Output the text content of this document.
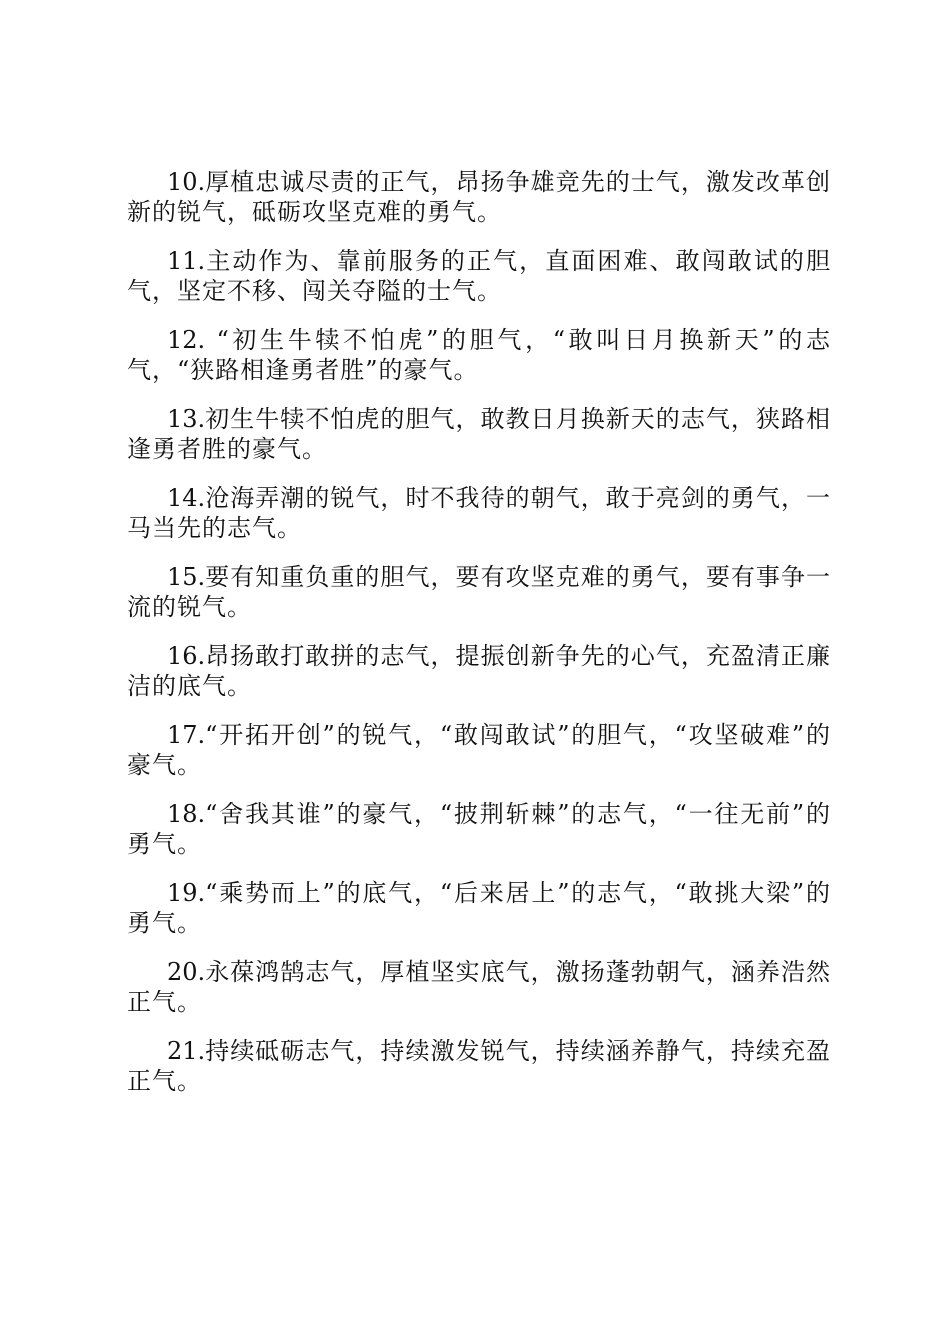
10.厚植忠诚尽责的正气，昂扬争雄竞先的士气，激发改革创新的锐气，砥砺攻坚克难的勇气。

11.主动作为、靠前服务的正气，直面困难、敢闯敢试的胆气，坚定不移、闯关夺隘的士气。

12. “初生牛犊不怕虎”的胆气，“敢叫日月换新天”的志气，“狭路相逢勇者胜”的豪气。

13.初生牛犊不怕虎的胆气，敢教日月换新天的志气，狭路相逢勇者胜的豪气。

14.沧海弄潮的锐气，时不我待的朝气，敢于亮剑的勇气，一马当先的志气。

15.要有知重负重的胆气，要有攻坚克难的勇气，要有事争一流的锐气。

16.昂扬敢打敢拼的志气，提振创新争先的心气，充盈清正廉洁的底气。

17.“开拓开创”的锐气，“敢闯敢试”的胆气，“攻坚破难”的豪气。

18.“舍我其谁”的豪气，“披荆斩棘”的志气，“一往无前”的勇气。

19.“乘势而上”的底气，“后来居上”的志气，“敢挑大梁”的勇气。

20.永葆鸿鹄志气，厚植坚实底气，激扬蓬勃朝气，涵养浩然正气。

21.持续砥砺志气，持续激发锐气，持续涵养静气，持续充盈正气。
